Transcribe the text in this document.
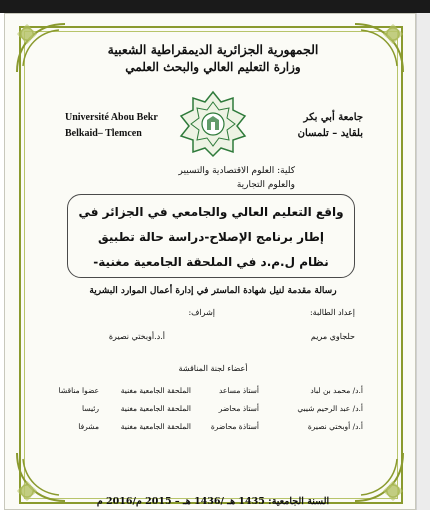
الجمهورية الجزائرية الديمقراطية الشعبية
وزارة التعليم العالي والبحث العلمي
Université Abou Bekr
Belkaid– Tlemcen
جامعة أبي بكر
بلقايد – تلمسان
كلية: العلوم الاقتصادية والتسيير
والعلوم التجارية
واقع التعليم العالي والجامعي في الجزائر في
إطار برنامج الإصلاح-دراسة حالة تطبيق
نظام ل.م.د في الملحقة الجامعية مغنية-
رسالة مقدمة لنيل شهادة الماستر في إدارة أعمال الموارد البشرية
إعداد الطالبة:
إشراف:
حلجاوي مريم
أ.د.أوبختي نصيرة
أعضاء لجنة المناقشة
أ.د/ محمد بن لباد
أستاذ مساعد
الملحقة الجامعية مغنية
عضوا مناقشا
أ.د/ عبد الرحيم شيبي
أستاذ محاضر
الملحقة الجامعية مغنية
رئيسا
أ.د/ أوبختي نصيرة
أستاذة محاضرة
الملحقة الجامعية مغنية
مشرفا
السنة الجامعية: 1435 هـ /1436 هـ – 2015 م/2016 م
